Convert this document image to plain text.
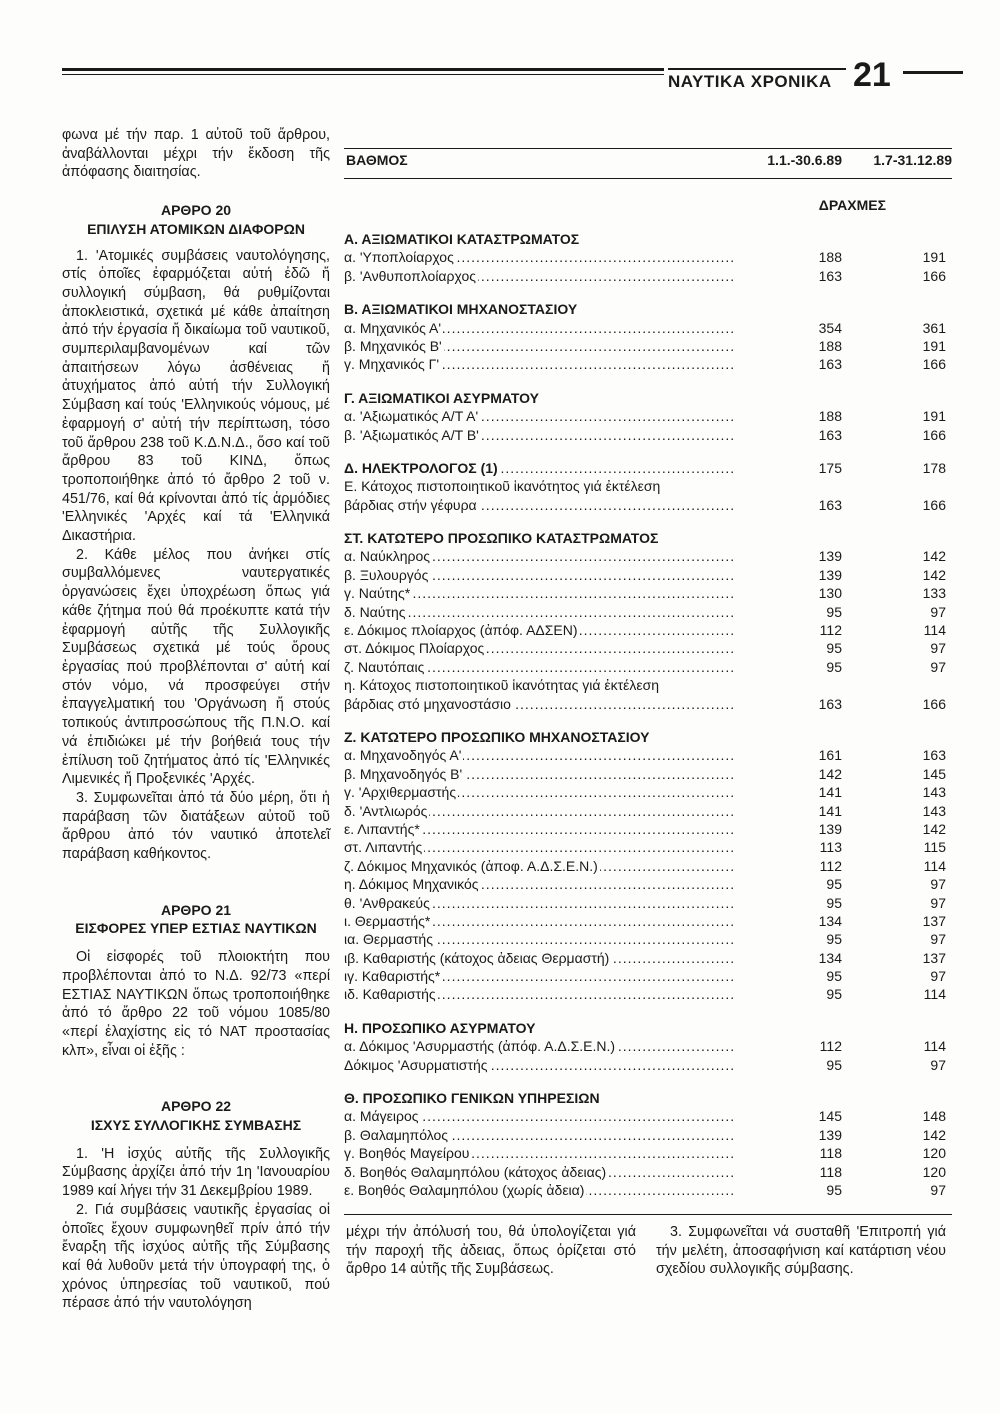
ΝΑΥΤΙΚΑ ΧΡΟΝΙΚΑ 21

φωνα μέ τήν παρ. 1 αὐτοῦ τοῦ ἄρθρου, ἀναβάλλονται μέχρι τήν ἔκδοση τῆς ἀπόφασης διαιτησίας.

ΑΡΘΡΟ 20

ΕΠΙΛΥΣΗ ΑΤΟΜΙΚΩΝ ΔΙΑΦΟΡΩΝ

1. 'Ατομικές συμβάσεις ναυτολόγησης, στίς ὁποῖες ἐφαρμόζεται αὐτή ἐδῶ ἤ συλλογική σύμβαση, θά ρυθμίζονται ἀποκλειστικά, σχετικά μέ κάθε ἀπαίτηση ἀπό τήν ἐργασία ἤ δικαίωμα τοῦ ναυτικοῦ, συμπεριλαμβανομένων καί τῶν ἀπαιτήσεων λόγω ἀσθένειας ἤ ἀτυχήματος ἀπό αὐτή τήν Συλλογική Σύμβαση καί τούς 'Ελληνικούς νόμους, μέ ἐφαρμογή σ' αὐτή τήν περίπτωση, τόσο τοῦ ἄρθρου 238 τοῦ Κ.Δ.Ν.Δ., ὅσο καί τοῦ ἄρθρου 83 τοῦ ΚΙΝΔ, ὅπως τροποποιήθηκε ἀπό τό ἄρθρο 2 τοῦ ν. 451/76, καί θά κρίνονται ἀπό τίς ἁρμόδιες 'Ελληνικές 'Αρχές καί τά 'Ελληνικά Δικαστήρια.

2. Κάθε μέλος που ἀνήκει στίς συμβαλλόμενες ναυτεργατικές ὀργανώσεις ἔχει ὑποχρέωση ὅπως γιά κάθε ζήτημα πού θά προέκυπτε κατά τήν ἐφαρμογή αὐτῆς τῆς Συλλογικῆς Συμβάσεως σχετικά μέ τούς ὅρους ἐργασίας πού προβλέπονται σ' αὐτή καί στόν νόμο, νά προσφεύγει στήν ἐπαγγελματική του 'Οργάνωση ἤ στούς τοπικούς ἀντιπροσώπους τῆς Π.Ν.Ο. καί νά ἐπιδιώκει μέ τήν βοήθειά τους τήν ἐπίλυση τοῦ ζητήματος ἀπό τίς 'Ελληνικές Λιμενικές ἤ Προξενικές 'Αρχές.

3. Συμφωνεῖται ἀπό τά δύο μέρη, ὅτι ἡ παράβαση τῶν διατάξεων αὐτοῦ τοῦ ἄρθρου ἀπό τόν ναυτικό ἀποτελεῖ παράβαση καθήκοντος.

ΑΡΘΡΟ 21

ΕΙΣΦΟΡΕΣ ΥΠΕΡ ΕΣΤΙΑΣ ΝΑΥΤΙΚΩΝ

Οἱ εἰσφορές τοῦ πλοιοκτήτη που προβλέπονται ἀπό το Ν.Δ. 92/73 «περί ΕΣΤΙΑΣ ΝΑΥΤΙΚΩΝ ὅπως τροποποιήθηκε ἀπό τό ἄρθρο 22 τοῦ νόμου 1085/80 «περί ἐλαχίστης εἰς τό ΝΑΤ προστασίας κλπ», εἶναι οἱ ἑξῆς :

ΑΡΘΡΟ 22

ΙΣΧΥΣ ΣΥΛΛΟΓΙΚΗΣ ΣΥΜΒΑΣΗΣ

1. 'Η ἰσχύς αὐτῆς τῆς Συλλογικῆς Σύμβασης ἀρχίζει ἀπό τήν 1η 'Ιανουαρίου 1989 καί λήγει τήν 31 Δεκεμβρίου 1989.

2. Γιά συμβάσεις ναυτικῆς ἐργασίας οἱ ὁποῖες ἔχουν συμφωνηθεῖ πρίν ἀπό τήν ἔναρξη τῆς ἰσχύος αὐτῆς τῆς Σύμβασης καί θά λυθοῦν μετά τήν ὑπογραφή της, ὁ χρόνος ὑπηρεσίας τοῦ ναυτικοῦ, πού πέρασε ἀπό τήν ναυτολόγηση

ΒΑΘΜΟΣ	1.1.-30.6.89 1.7-31.12.89
ΔΡΑΧΜΕΣ
Α. ΑΞΙΩΜΑΤΙΚΟΙ ΚΑΤΑΣΤΡΩΜΑΤΟΣ
α. 'Υποπλοίαρχος .....	188	191
β. 'Ανθυποπλοίαρχος .....	163	166
Β. ΑΞΙΩΜΑΤΙΚΟΙ ΜΗΧΑΝΟΣΤΑΣΙΟΥ
α. Μηχανικός Α' .....	354	361
β. Μηχανικός Β' .....	188	191
γ. Μηχανικός Γ' .....	163	166
Γ. ΑΞΙΩΜΑΤΙΚΟΙ ΑΣΥΡΜΑΤΟΥ
α. 'Αξιωματικός Α/Τ Α' .....	188	191
β. 'Αξιωματικός Α/Τ Β' .....	163	166
Δ. ΗΛΕΚΤΡΟΛΟΓΟΣ (1) .....	175	178
Ε. Κάτοχος πιστοποιητικοῦ ἱκανότητος γιά ἐκτέλεση
βάρδιας στήν γέφυρα .....	163	166
ΣΤ. ΚΑΤΩΤΕΡΟ ΠΡΟΣΩΠΙΚΟ ΚΑΤΑΣΤΡΩΜΑΤΟΣ
α. Ναύκληρος .....	139	142
β. Ξυλουργός .....	139	142
γ. Ναύτης* .....	130	133
δ. Ναύτης .....	95	97
ε. Δόκιμος πλοίαρχος (ἀπόφ. ΑΔΣΕΝ) .....	112	114
στ. Δόκιμος Πλοίαρχος .....	95	97
ζ. Ναυτόπαις .....	95	97
η. Κάτοχος πιστοποιητικοῦ ἱκανότητας γιά ἐκτέλεση
βάρδιας στό μηχανοστάσιο .....	163	166
Ζ. ΚΑΤΩΤΕΡΟ ΠΡΟΣΩΠΙΚΟ ΜΗΧΑΝΟΣΤΑΣΙΟΥ
α. Μηχανοδηγός Α' .....	161	163
β. Μηχανοδηγός Β' .....	142	145
γ. 'Αρχιθερμαστής .....	141	143
δ. 'Αντλιωρός .....	141	143
ε. Λιπαντής* .....	139	142
στ. Λιπαντής .....	113	115
ζ. Δόκιμος Μηχανικός (ἀποφ. Α.Δ.Σ.Ε.Ν.) .....	112	114
η. Δόκιμος Μηχανικός .....	95	97
θ. 'Ανθρακεύς .....	95	97
ι. Θερμαστής* .....	134	137
ια. Θερμαστής .....	95	97
ιβ. Καθαριστής (κάτοχος ἀδειας Θερμαστή) .....	134	137
ιγ. Καθαριστής* .....	95	97
ιδ. Καθαριστής .....	95	114
Η. ΠΡΟΣΩΠΙΚΟ ΑΣΥΡΜΑΤΟΥ
α. Δόκιμος 'Ασυρμαστής (ἀπόφ. Α.Δ.Σ.Ε.Ν.) .....	112	114
Δόκιμος 'Ασυρματιστής .....	95	97
Θ. ΠΡΟΣΩΠΙΚΟ ΓΕΝΙΚΩΝ ΥΠΗΡΕΣΙΩΝ
α. Μάγειρος .....	145	148
β. Θαλαμηπόλος .....	139	142
γ. Βοηθός Μαγείρου .....	118	120
δ. Βοηθός Θαλαμηπόλου (κάτοχος ἀδειας) .....	118	120
ε. Βοηθός Θαλαμηπόλου (χωρίς ἀδεια) .....	95	97

μέχρι τήν ἀπόλυσή του, θά ὑπολογίζεται γιά τήν παροχή τῆς ἀδειας, ὅπως ὁρίζεται στό ἄρθρο 14 αὐτῆς τῆς Συμβάσεως.

3. Συμφωνεῖται νά συσταθῆ 'Επιτροπή γιά τήν μελέτη, ἀποσαφήνιση καί κατάρτιση νέου σχεδίου συλλογικῆς σύμβασης.
